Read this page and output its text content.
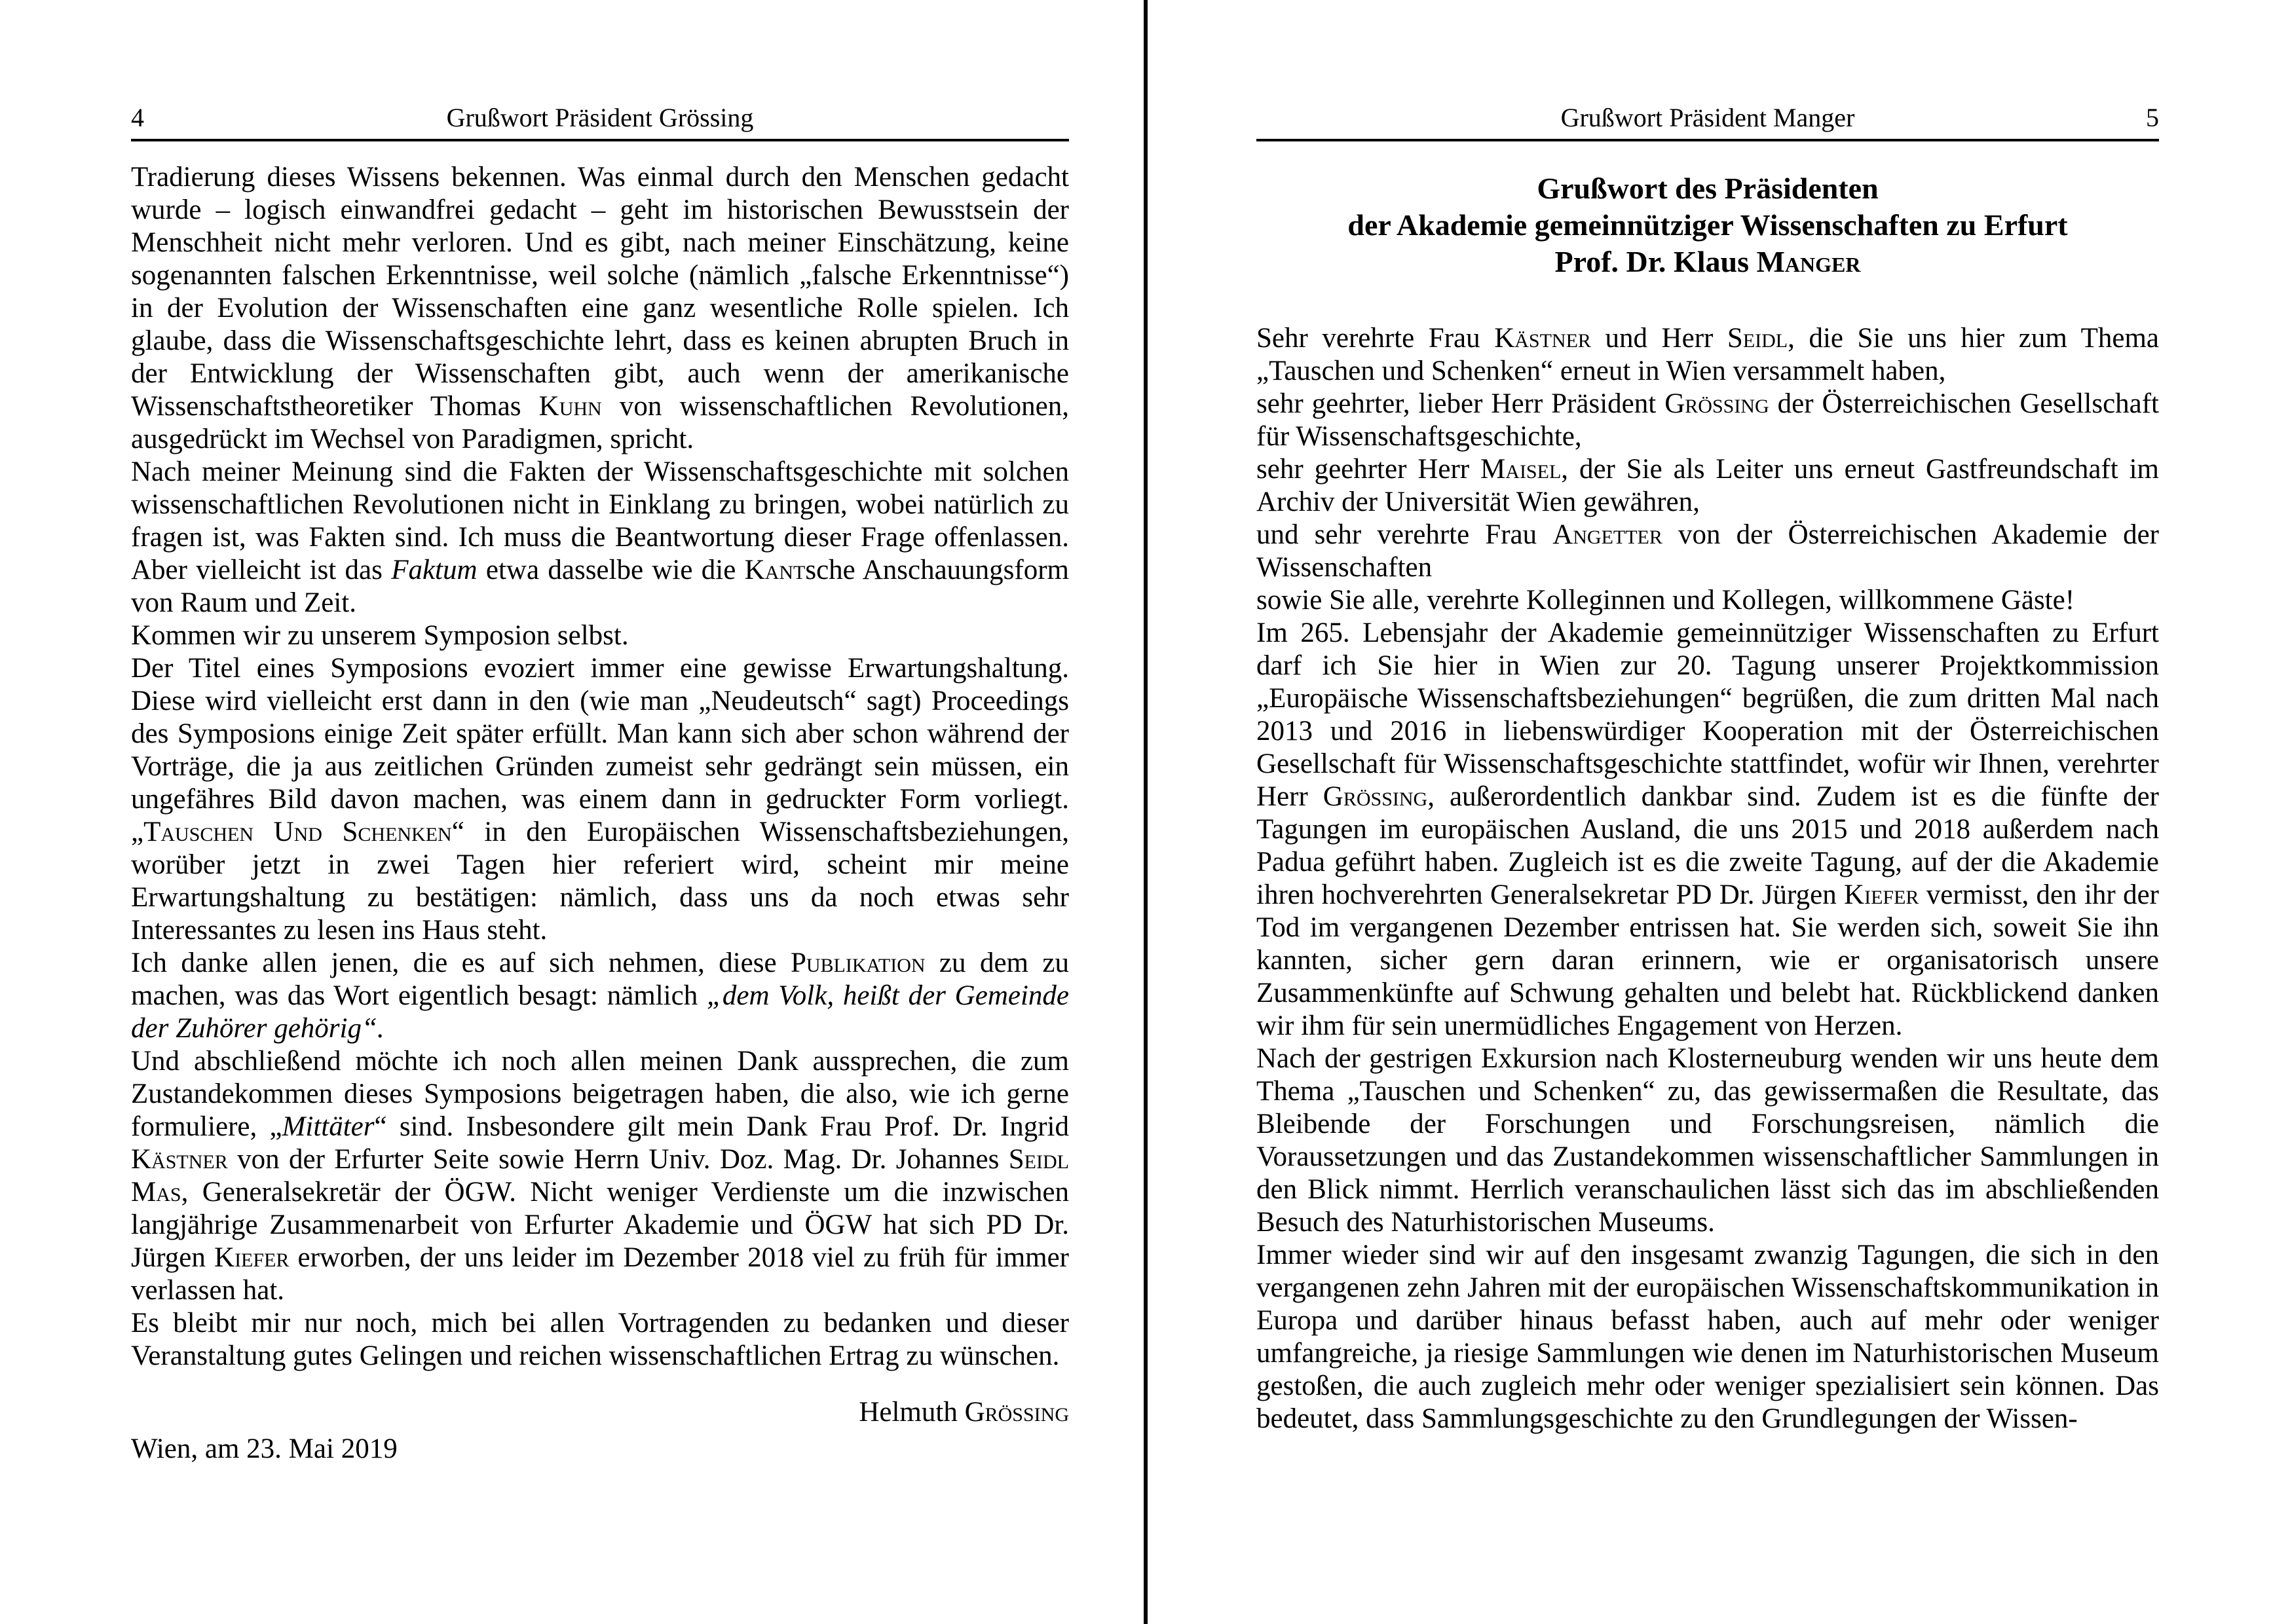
4	Grußwort Präsident Grössing

Tradierung dieses Wissens bekennen. Was einmal durch den Menschen gedacht wurde – logisch einwandfrei gedacht – geht im historischen Bewusstsein der Menschheit nicht mehr verloren. Und es gibt, nach meiner Einschätzung, keine sogenannten falschen Erkenntnisse, weil solche (nämlich „falsche Erkenntnisse“) in der Evolution der Wissenschaften eine ganz wesentliche Rolle spielen. Ich glaube, dass die Wissenschaftsgeschichte lehrt, dass es keinen abrupten Bruch in der Entwicklung der Wissenschaften gibt, auch wenn der amerikanische Wissenschaftstheoretiker Thomas Kuhn von wissenschaftlichen Revolutionen, ausgedrückt im Wechsel von Paradigmen, spricht.

Nach meiner Meinung sind die Fakten der Wissenschaftsgeschichte mit solchen wissenschaftlichen Revolutionen nicht in Einklang zu bringen, wobei natürlich zu fragen ist, was Fakten sind. Ich muss die Beantwortung dieser Frage offenlassen. Aber vielleicht ist das Faktum etwa dasselbe wie die Kantsche Anschauungsform von Raum und Zeit.

Kommen wir zu unserem Symposion selbst.

Der Titel eines Symposions evoziert immer eine gewisse Erwartungshaltung. Diese wird vielleicht erst dann in den (wie man „Neudeutsch“ sagt) Proceedings des Symposions einige Zeit später erfüllt. Man kann sich aber schon während der Vorträge, die ja aus zeitlichen Gründen zumeist sehr gedrängt sein müssen, ein ungefähres Bild davon machen, was einem dann in gedruckter Form vorliegt. „Tauschen Und Schenken“ in den Europäischen Wissenschaftsbeziehungen, worüber jetzt in zwei Tagen hier referiert wird, scheint mir meine Erwartungshaltung zu bestätigen: nämlich, dass uns da noch etwas sehr Interessantes zu lesen ins Haus steht.

Ich danke allen jenen, die es auf sich nehmen, diese Publikation zu dem zu machen, was das Wort eigentlich besagt: nämlich „dem Volk, heißt der Gemeinde der Zuhörer gehörig“.

Und abschließend möchte ich noch allen meinen Dank aussprechen, die zum Zustandekommen dieses Symposions beigetragen haben, die also, wie ich gerne formuliere, „Mittäter“ sind. Insbesondere gilt mein Dank Frau Prof. Dr. Ingrid Kästner von der Erfurter Seite sowie Herrn Univ. Doz. Mag. Dr. Johannes Seidl Mas, Generalsekretär der ÖGW. Nicht weniger Verdienste um die inzwischen langjährige Zusammenarbeit von Erfurter Akademie und ÖGW hat sich PD Dr. Jürgen Kiefer erworben, der uns leider im Dezember 2018 viel zu früh für immer verlassen hat.

Es bleibt mir nur noch, mich bei allen Vortragenden zu bedanken und dieser Veranstaltung gutes Gelingen und reichen wissenschaftlichen Ertrag zu wünschen.

Helmuth Grössing
Wien, am 23. Mai 2019
Grußwort Präsident Manger	5
Grußwort des Präsidenten
der Akademie gemeinnütziger Wissenschaften zu Erfurt
Prof. Dr. Klaus Manger

Sehr verehrte Frau Kästner und Herr Seidl, die Sie uns hier zum Thema „Tauschen und Schenken“ erneut in Wien versammelt haben,

sehr geehrter, lieber Herr Präsident Grössing der Österreichischen Gesellschaft für Wissenschaftsgeschichte,

sehr geehrter Herr Maisel, der Sie als Leiter uns erneut Gastfreundschaft im Archiv der Universität Wien gewähren,

und sehr verehrte Frau Angetter von der Österreichischen Akademie der Wissenschaften

sowie Sie alle, verehrte Kolleginnen und Kollegen, willkommene Gäste!

Im 265. Lebensjahr der Akademie gemeinnütziger Wissenschaften zu Erfurt darf ich Sie hier in Wien zur 20. Tagung unserer Projektkommission „Europäische Wissenschaftsbeziehungen“ begrüßen, die zum dritten Mal nach 2013 und 2016 in liebenswürdiger Kooperation mit der Österreichischen Gesellschaft für Wissenschaftsgeschichte stattfindet, wofür wir Ihnen, verehrter Herr Grössing, außerordentlich dankbar sind. Zudem ist es die fünfte der Tagungen im europäischen Ausland, die uns 2015 und 2018 außerdem nach Padua geführt haben. Zugleich ist es die zweite Tagung, auf der die Akademie ihren hochverehrten Generalsekretar PD Dr. Jürgen Kiefer vermisst, den ihr der Tod im vergangenen Dezember entrissen hat. Sie werden sich, soweit Sie ihn kannten, sicher gern daran erinnern, wie er organisatorisch unsere Zusammenkünfte auf Schwung gehalten und belebt hat. Rückblickend danken wir ihm für sein unermüdliches Engagement von Herzen.

Nach der gestrigen Exkursion nach Klosterneuburg wenden wir uns heute dem Thema „Tauschen und Schenken“ zu, das gewissermaßen die Resultate, das Bleibende der Forschungen und Forschungsreisen, nämlich die Voraussetzungen und das Zustandekommen wissenschaftlicher Sammlungen in den Blick nimmt. Herrlich veranschaulichen lässt sich das im abschließenden Besuch des Naturhistorischen Museums.

Immer wieder sind wir auf den insgesamt zwanzig Tagungen, die sich in den vergangenen zehn Jahren mit der europäischen Wissenschaftskommunikation in Europa und darüber hinaus befasst haben, auch auf mehr oder weniger umfangreiche, ja riesige Sammlungen wie denen im Naturhistorischen Museum gestoßen, die auch zugleich mehr oder weniger spezialisiert sein können. Das bedeutet, dass Sammlungsgeschichte zu den Grundlegungen der Wissen-
